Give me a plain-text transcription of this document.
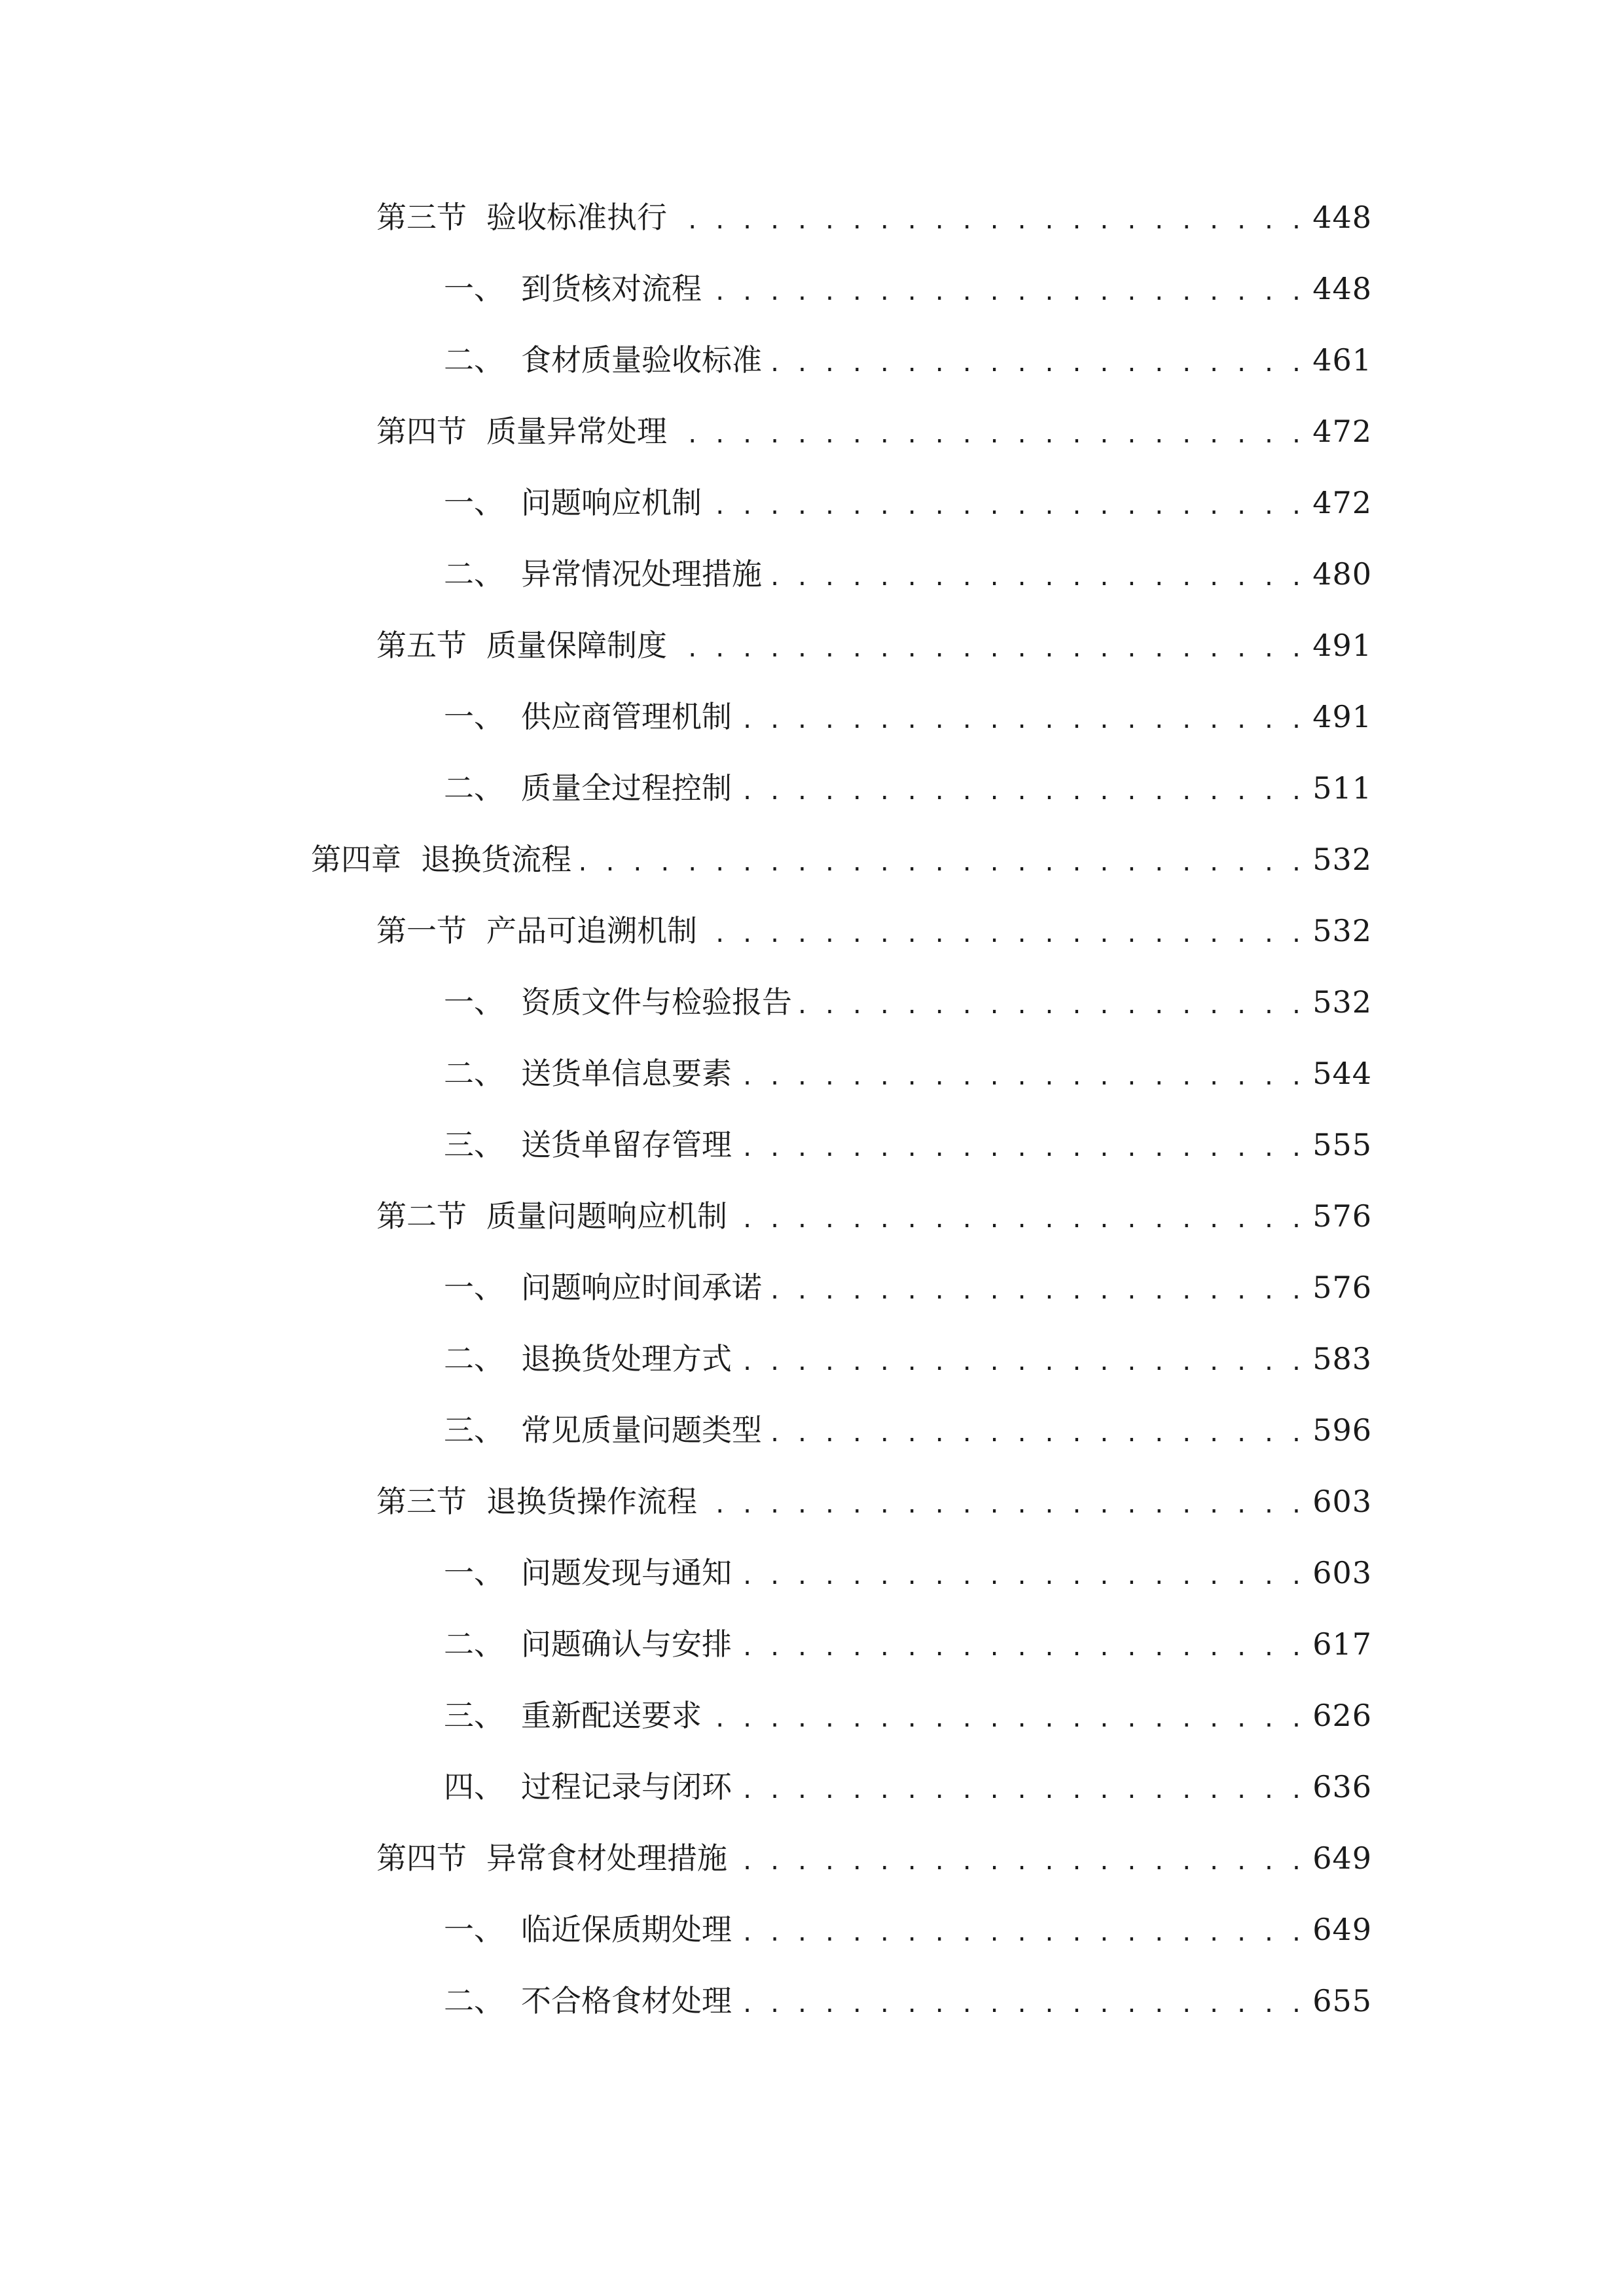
第三节 验收标准执行 . . .	448
一、 到货核对流程 . . .	448
二、 食材质量验收标准 . . .	461
第四节 质量异常处理 . . .	472
一、 问题响应机制 . . .	472
二、 异常情况处理措施 . . .	480
第五节 质量保障制度 . . .	491
一、 供应商管理机制 . . .	491
二、 质量全过程控制 . . .	511
第四章 退换货流程 . . .	532
第一节 产品可追溯机制 . . .	532
一、 资质文件与检验报告 . . .	532
二、 送货单信息要素 . . .	544
三、 送货单留存管理 . . .	555
第二节 质量问题响应机制 . . .	576
一、 问题响应时间承诺 . . .	576
二、 退换货处理方式 . . .	583
三、 常见质量问题类型 . . .	596
第三节 退换货操作流程 . . .	603
一、 问题发现与通知 . . .	603
二、 问题确认与安排 . . .	617
三、 重新配送要求 . . .	626
四、 过程记录与闭环 . . .	636
第四节 异常食材处理措施 . . .	649
一、 临近保质期处理 . . .	649
二、 不合格食材处理 . . .	655
